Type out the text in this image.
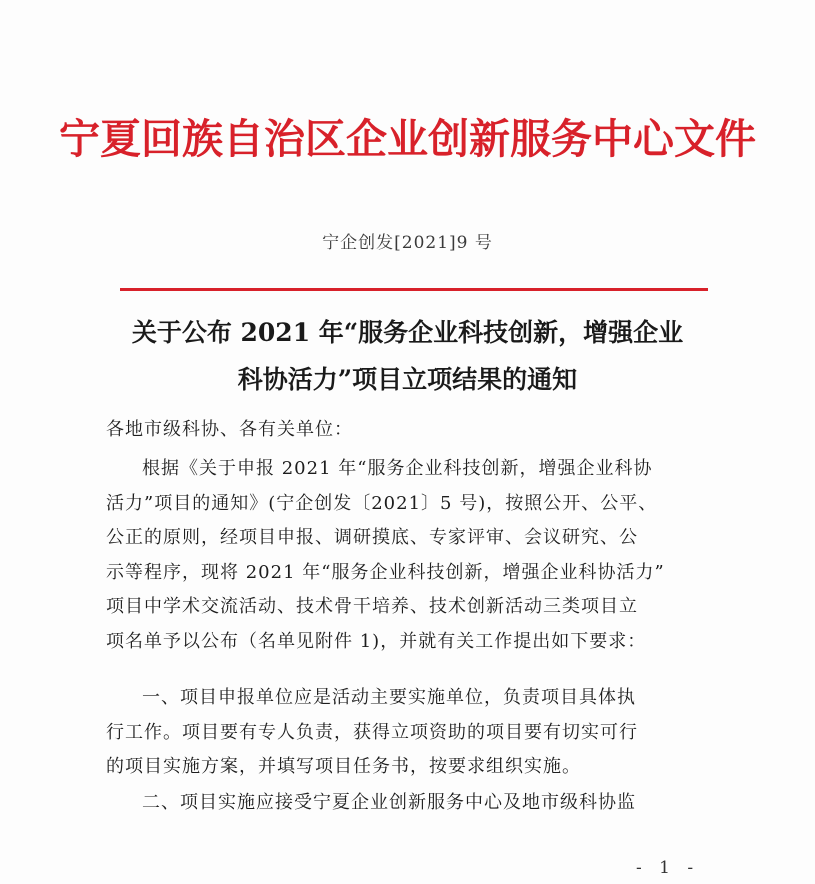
宁夏回族自治区企业创新服务中心文件
宁企创发[2021]9 号
关于公布 2021 年“服务企业科技创新，增强企业
科协活力”项目立项结果的通知
各地市级科协、各有关单位：
根据《关于申报 2021 年“服务企业科技创新，增强企业科协
活力”项目的通知》(宁企创发〔2021〕5 号)，按照公开、公平、
公正的原则，经项目申报、调研摸底、专家评审、会议研究、公
示等程序，现将 2021 年“服务企业科技创新，增强企业科协活力”
项目中学术交流活动、技术骨干培养、技术创新活动三类项目立
项名单予以公布（名单见附件 1)，并就有关工作提出如下要求：
一、项目申报单位应是活动主要实施单位，负责项目具体执
行工作。项目要有专人负责，获得立项资助的项目要有切实可行
的项目实施方案，并填写项目任务书，按要求组织实施。
二、项目实施应接受宁夏企业创新服务中心及地市级科协监
- 1 -
